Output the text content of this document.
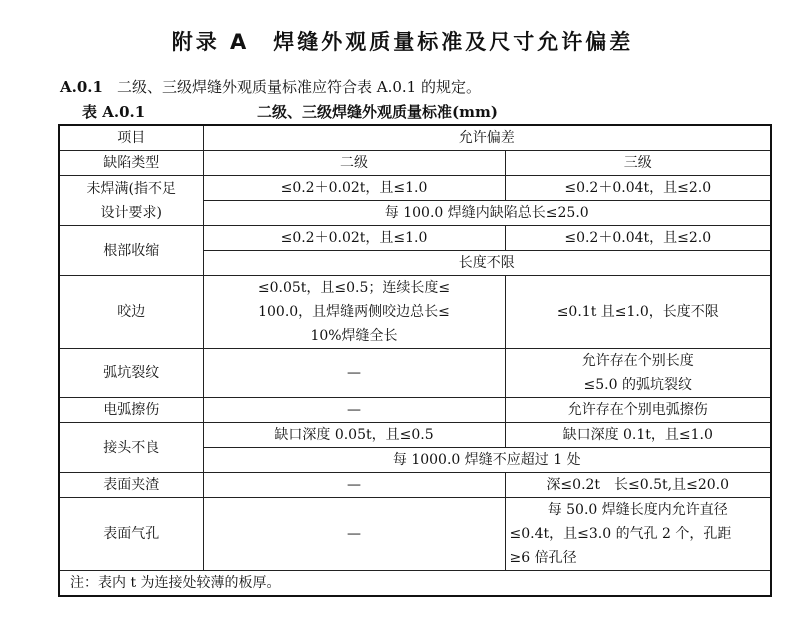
附录 A　焊缝外观质量标准及尺寸允许偏差
A.0.1 二级、三级焊缝外观质量标准应符合表 A.0.1 的规定。
表 A.0.1	二级、三级焊缝外观质量标准(mm)
项目	允许偏差	
缺陷类型	二级	三级

未焊满(指不足
设计要求)	≤0.2＋0.02t，且≤1.0	≤0.2＋0.04t，且≤2.0
	每 100.0 焊缝内缺陷总长≤25.0	
根部收缩	≤0.2＋0.02t，且≤1.0	≤0.2＋0.04t，且≤2.0
	长度不限	
咬边	≤0.05t，且≤0.5；连续长度≤
100.0，且焊缝两侧咬边总长≤
10%焊缝全长	≤0.1t 且≤1.0，长度不限
弧坑裂纹	—	允许存在个别长度
≤5.0 的弧坑裂纹

电弧擦伤	—	允许存在个别电弧擦伤
接头不良	缺口深度 0.05t，且≤0.5	缺口深度 0.1t，且≤1.0
	每 1000.0 焊缝不应超过 1 处	
表面夹渣	—	深≤0.2t　长≤0.5t,且≤20.0
表面气孔	—	每 50.0 焊缝长度内允许直径
≤0.4t，且≤3.0 的气孔 2 个，孔距
≥6 倍孔径

注：表内 t 为连接处较薄的板厚。		
